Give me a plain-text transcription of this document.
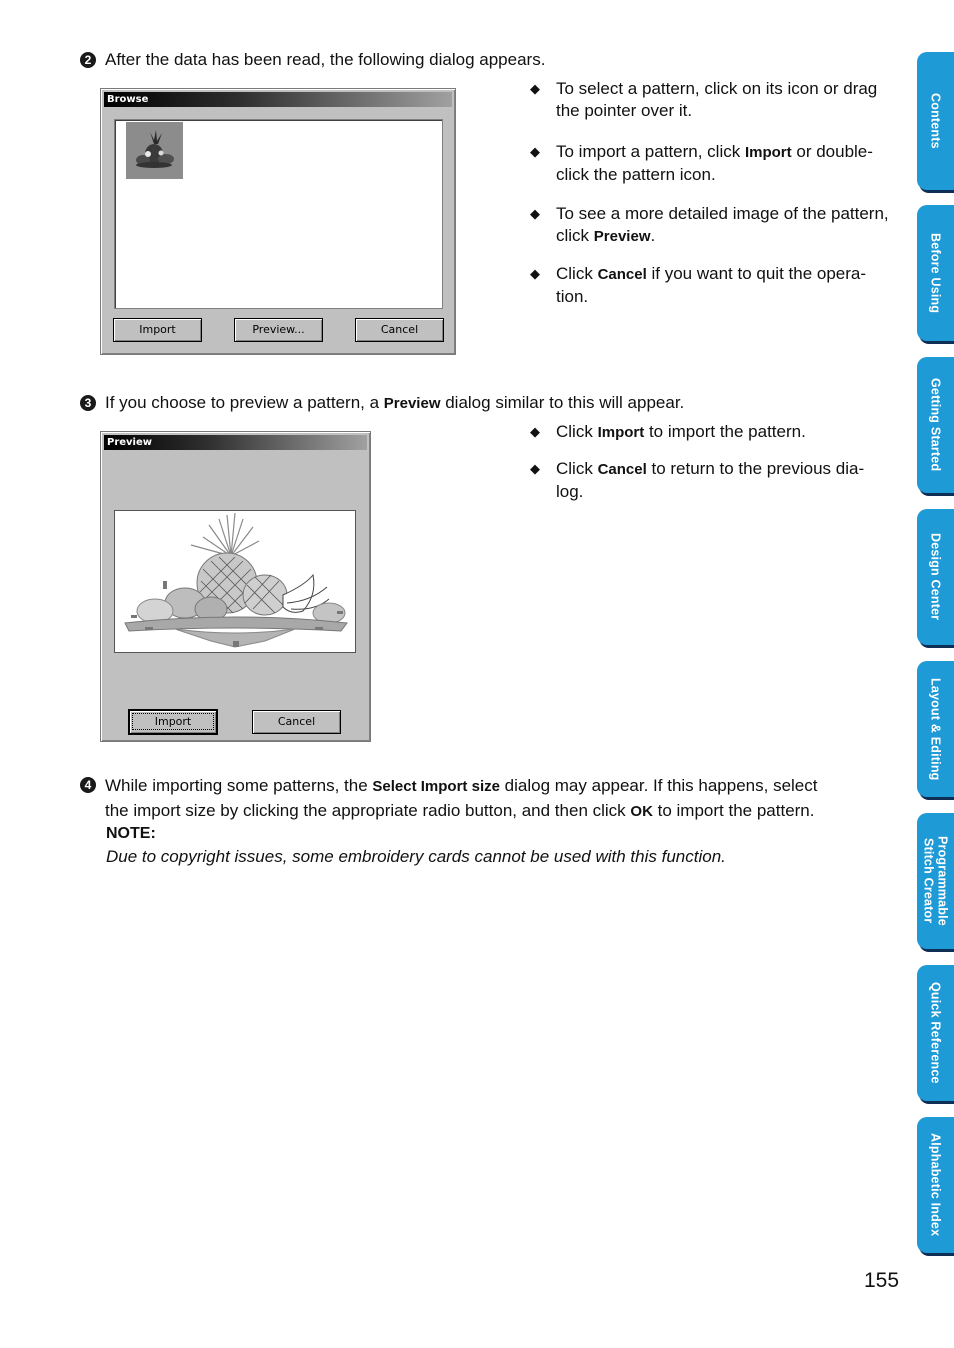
2 After the data has been read, the following dialog appears.
Browse
Import	Preview...	Cancel
◆ To select a pattern, click on its icon or drag
the pointer over it.
◆ To import a pattern, click Import or double-
click the pattern icon.
◆ To see a more detailed image of the pattern,
click Preview.
◆ Click Cancel if you want to quit the opera-
tion.
3 If you choose to preview a pattern, a Preview dialog similar to this will appear.
Preview
Import	Cancel
◆ Click Import to import the pattern.
◆ Click Cancel to return to the previous dia-
log.
4 While importing some patterns, the Select Import size dialog may appear. If this happens, select
the import size by clicking the appropriate radio button, and then click OK to import the pattern.
NOTE:
Due to copyright issues, some embroidery cards cannot be used with this function.
155
Contents
Before Using
Getting Started
Design Center
Layout & Editing
Programmable
Stitch Creator
Quick Reference
Alphabetic Index
